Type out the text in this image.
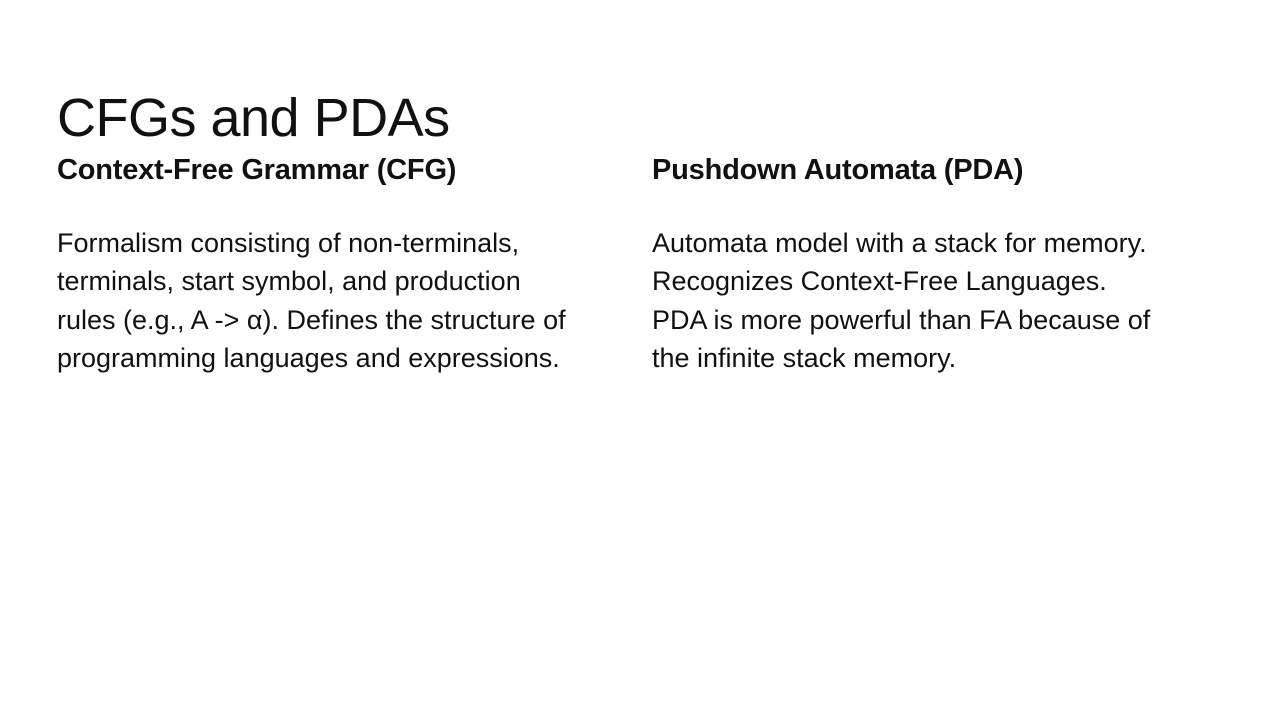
CFGs and PDAs
Context-Free Grammar (CFG)

Formalism consisting of non-terminals, terminals, start symbol, and production rules (e.g., A -> α). Defines the structure of programming languages and expressions.

Pushdown Automata (PDA)

Automata model with a stack for memory. Recognizes Context-Free Languages. PDA is more powerful than FA because of the infinite stack memory.
